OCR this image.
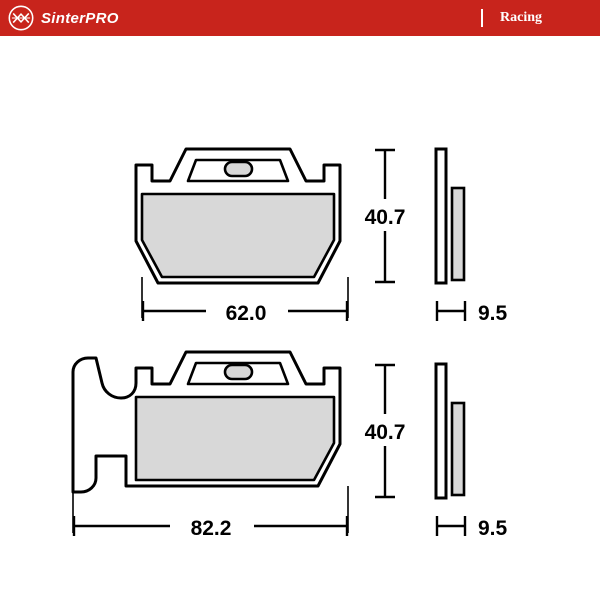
SinterPRO	Racing
40.7
62.0	9.5
40.7
82.2	9.5
